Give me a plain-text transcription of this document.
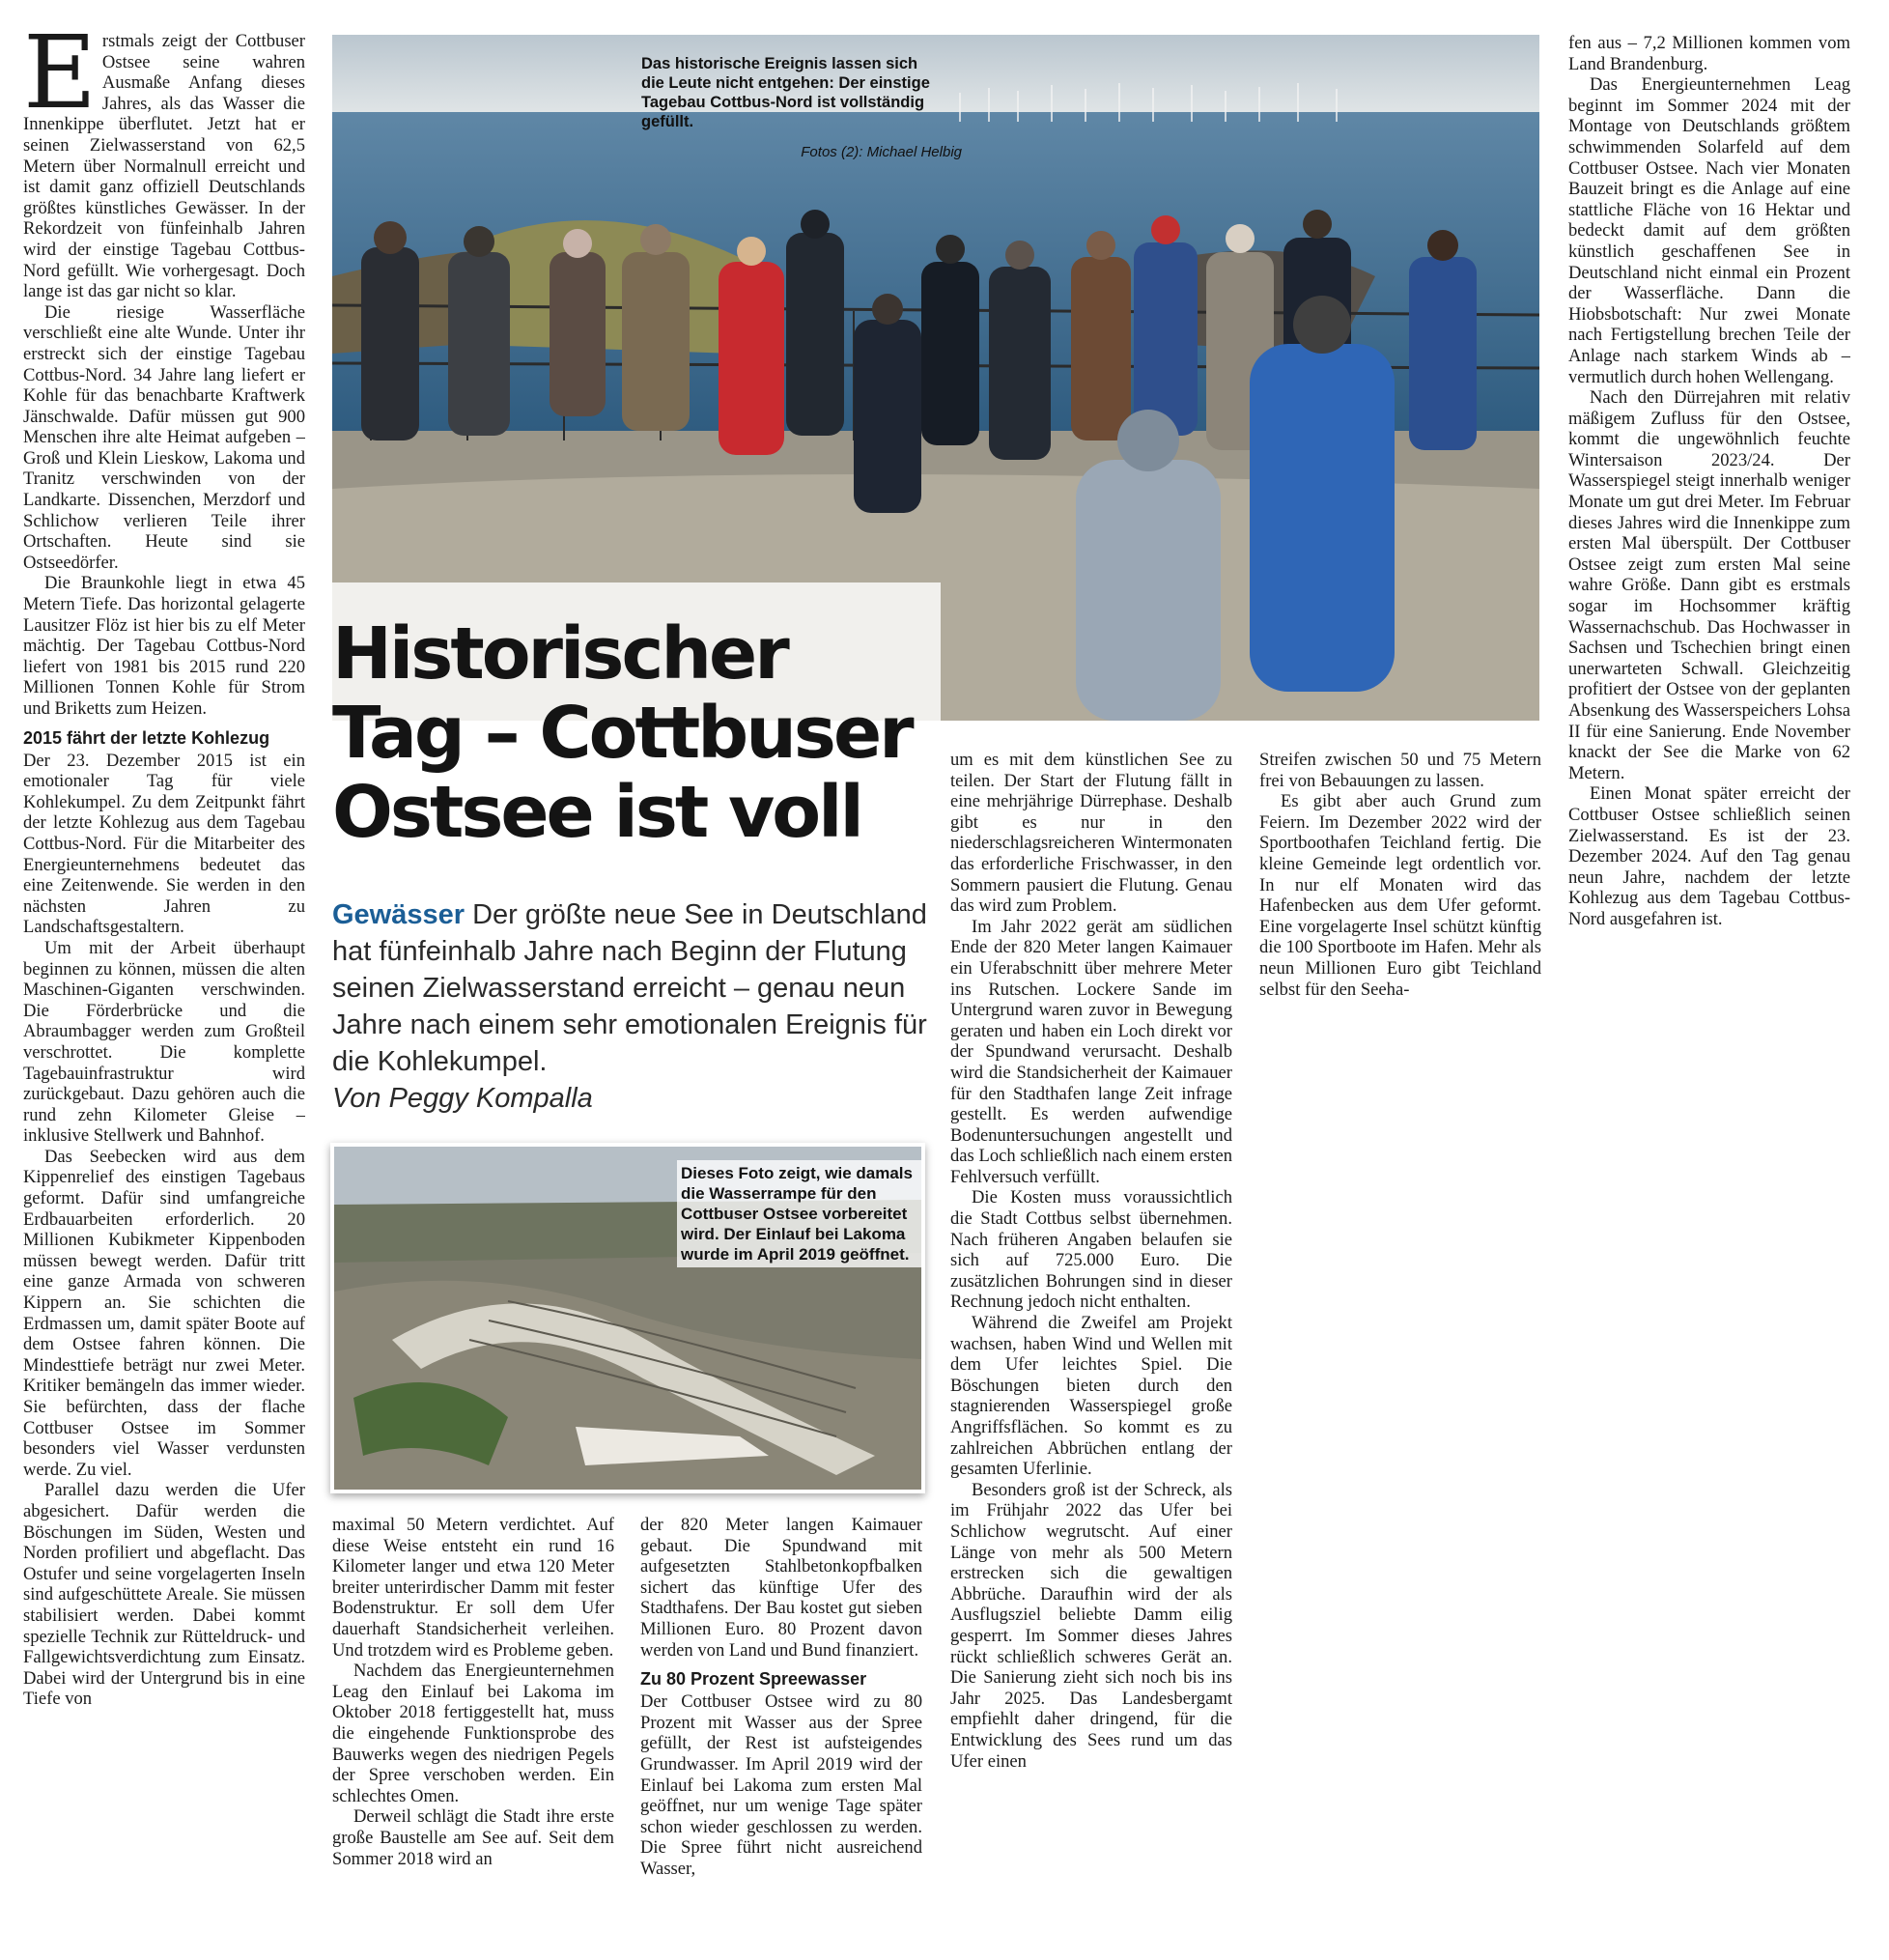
Erstmals zeigt der Cottbuser Ostsee seine wahren Ausmaße Anfang dieses Jahres, als das Wasser die Innenkippe überflutet. Jetzt hat er seinen Zielwasserstand von 62,5 Metern über Normalnull erreicht und ist damit ganz offiziell Deutschlands größtes künstliches Gewässer. In der Rekordzeit von fünfeinhalb Jahren wird der einstige Tagebau Cottbus-Nord gefüllt. Wie vorhergesagt. Doch lange ist das gar nicht so klar.

Die riesige Wasserfläche verschließt eine alte Wunde. Unter ihr erstreckt sich der einstige Tagebau Cottbus-Nord. 34 Jahre lang liefert er Kohle für das benachbarte Kraftwerk Jänschwalde. Dafür müssen gut 900 Menschen ihre alte Heimat aufgeben – Groß und Klein Lieskow, Lakoma und Tranitz verschwinden von der Landkarte. Dissenchen, Merzdorf und Schlichow verlieren Teile ihrer Ortschaften. Heute sind sie Ostseedörfer.

Die Braunkohle liegt in etwa 45 Metern Tiefe. Das horizontal gelagerte Lausitzer Flöz ist hier bis zu elf Meter mächtig. Der Tagebau Cottbus-Nord liefert von 1981 bis 2015 rund 220 Millionen Tonnen Kohle für Strom und Briketts zum Heizen.

2015 fährt der letzte Kohlezug

Der 23. Dezember 2015 ist ein emotionaler Tag für viele Kohlekumpel. Zu dem Zeitpunkt fährt der letzte Kohlezug aus dem Tagebau Cottbus-Nord. Für die Mitarbeiter des Energieunternehmens bedeutet das eine Zeitenwende. Sie werden in den nächsten Jahren zu Landschaftsgestaltern.

Um mit der Arbeit überhaupt beginnen zu können, müssen die alten Maschinen-Giganten verschwinden. Die Förderbrücke und die Abraumbagger werden zum Großteil verschrottet. Die komplette Tagebauinfrastruktur wird zurückgebaut. Dazu gehören auch die rund zehn Kilometer Gleise – inklusive Stellwerk und Bahnhof.

Das Seebecken wird aus dem Kippenrelief des einstigen Tagebaus geformt. Dafür sind umfangreiche Erdbauarbeiten erforderlich. 20 Millionen Kubikmeter Kippenboden müssen bewegt werden. Dafür tritt eine ganze Armada von schweren Kippern an. Sie schichten die Erdmassen um, damit später Boote auf dem Ostsee fahren können. Die Mindesttiefe beträgt nur zwei Meter. Kritiker bemängeln das immer wieder. Sie befürchten, dass der flache Cottbuser Ostsee im Sommer besonders viel Wasser verdunsten werde. Zu viel.

Parallel dazu werden die Ufer abgesichert. Dafür werden die Böschungen im Süden, Westen und Norden profiliert und abgeflacht. Das Ostufer und seine vorgelagerten Inseln sind aufgeschüttete Areale. Sie müssen stabilisiert werden. Dabei kommt spezielle Technik zur Rütteldruck- und Fallgewichtsverdichtung zum Einsatz. Dabei wird der Untergrund bis in eine Tiefe von

Das historische Ereignis lassen sich die Leute nicht entgehen: Der einstige Tagebau Cottbus-Nord ist vollständig gefüllt.
Fotos (2): Michael Helbig
Historischer
Tag – Cottbuser
Ostsee ist voll
Gewässer Der größte neue See in Deutschland hat fünfeinhalb Jahre nach Beginn der Flutung seinen Zielwasserstand erreicht – genau neun Jahre nach einem sehr emotionalen Ereignis für die Kohlekumpel.
Von Peggy Kompalla
Dieses Foto zeigt, wie damals die Wasserrampe für den Cottbuser Ostsee vorbereitet wird. Der Einlauf bei Lakoma wurde im April 2019 geöffnet.

maximal 50 Metern verdichtet. Auf diese Weise entsteht ein rund 16 Kilometer langer und etwa 120 Meter breiter unterirdischer Damm mit fester Bodenstruktur. Er soll dem Ufer dauerhaft Standsicherheit verleihen. Und trotzdem wird es Probleme geben.

Nachdem das Energieunternehmen Leag den Einlauf bei Lakoma im Oktober 2018 fertiggestellt hat, muss die eingehende Funktionsprobe des Bauwerks wegen des niedrigen Pegels der Spree verschoben werden. Ein schlechtes Omen.

Derweil schlägt die Stadt ihre erste große Baustelle am See auf. Seit dem Sommer 2018 wird an

der 820 Meter langen Kaimauer gebaut. Die Spundwand mit aufgesetzten Stahlbetonkopfbalken sichert das künftige Ufer des Stadthafens. Der Bau kostet gut sieben Millionen Euro. 80 Prozent davon werden von Land und Bund finanziert.

Zu 80 Prozent Spreewasser

Der Cottbuser Ostsee wird zu 80 Prozent mit Wasser aus der Spree gefüllt, der Rest ist aufsteigendes Grundwasser. Im April 2019 wird der Einlauf bei Lakoma zum ersten Mal geöffnet, nur um wenige Tage später schon wieder geschlossen zu werden. Die Spree führt nicht ausreichend Wasser,

um es mit dem künstlichen See zu teilen. Der Start der Flutung fällt in eine mehrjährige Dürrephase. Deshalb gibt es nur in den niederschlagsreicheren Wintermonaten das erforderliche Frischwasser, in den Sommern pausiert die Flutung. Genau das wird zum Problem.

Im Jahr 2022 gerät am südlichen Ende der 820 Meter langen Kaimauer ein Uferabschnitt über mehrere Meter ins Rutschen. Lockere Sande im Untergrund waren zuvor in Bewegung geraten und haben ein Loch direkt vor der Spundwand verursacht. Deshalb wird die Standsicherheit der Kaimauer für den Stadthafen lange Zeit infrage gestellt. Es werden aufwendige Bodenuntersuchungen angestellt und das Loch schließlich nach einem ersten Fehlversuch verfüllt.

Die Kosten muss voraussichtlich die Stadt Cottbus selbst übernehmen. Nach früheren Angaben belaufen sie sich auf 725.000 Euro. Die zusätzlichen Bohrungen sind in dieser Rechnung jedoch nicht enthalten.

Während die Zweifel am Projekt wachsen, haben Wind und Wellen mit dem Ufer leichtes Spiel. Die Böschungen bieten durch den stagnierenden Wasserspiegel große Angriffsflächen. So kommt es zu zahlreichen Abbrüchen entlang der gesamten Uferlinie.

Besonders groß ist der Schreck, als im Frühjahr 2022 das Ufer bei Schlichow wegrutscht. Auf einer Länge von mehr als 500 Metern erstrecken sich die gewaltigen Abbrüche. Daraufhin wird der als Ausflugsziel beliebte Damm eilig gesperrt. Im Sommer dieses Jahres rückt schließlich schweres Gerät an. Die Sanierung zieht sich noch bis ins Jahr 2025. Das Landesbergamt empfiehlt daher dringend, für die Entwicklung des Sees rund um das Ufer einen

Streifen zwischen 50 und 75 Metern frei von Bebauungen zu lassen.

Es gibt aber auch Grund zum Feiern. Im Dezember 2022 wird der Sportboothafen Teichland fertig. Die kleine Gemeinde legt ordentlich vor. In nur elf Monaten wird das Hafenbecken aus dem Ufer geformt. Eine vorgelagerte Insel schützt künftig die 100 Sportboote im Hafen. Mehr als neun Millionen Euro gibt Teichland selbst für den Seeha-

fen aus – 7,2 Millionen kommen vom Land Brandenburg.

Das Energieunternehmen Leag beginnt im Sommer 2024 mit der Montage von Deutschlands größtem schwimmenden Solarfeld auf dem Cottbuser Ostsee. Nach vier Monaten Bauzeit bringt es die Anlage auf eine stattliche Fläche von 16 Hektar und bedeckt damit auf dem größten künstlich geschaffenen See in Deutschland nicht einmal ein Prozent der Wasserfläche. Dann die Hiobsbotschaft: Nur zwei Monate nach Fertigstellung brechen Teile der Anlage nach starkem Winds ab – vermutlich durch hohen Wellengang.

Nach den Dürrejahren mit relativ mäßigem Zufluss für den Ostsee, kommt die ungewöhnlich feuchte Wintersaison 2023/24. Der Wasserspiegel steigt innerhalb weniger Monate um gut drei Meter. Im Februar dieses Jahres wird die Innenkippe zum ersten Mal überspült. Der Cottbuser Ostsee zeigt zum ersten Mal seine wahre Größe. Dann gibt es erstmals sogar im Hochsommer kräftig Wassernachschub. Das Hochwasser in Sachsen und Tschechien bringt einen unerwarteten Schwall. Gleichzeitig profitiert der Ostsee von der geplanten Absenkung des Wasserspeichers Lohsa II für eine Sanierung. Ende November knackt der See die Marke von 62 Metern.

Einen Monat später erreicht der Cottbuser Ostsee schließlich seinen Zielwasserstand. Es ist der 23. Dezember 2024. Auf den Tag genau neun Jahre, nachdem der letzte Kohlezug aus dem Tagebau Cottbus-Nord ausgefahren ist.
